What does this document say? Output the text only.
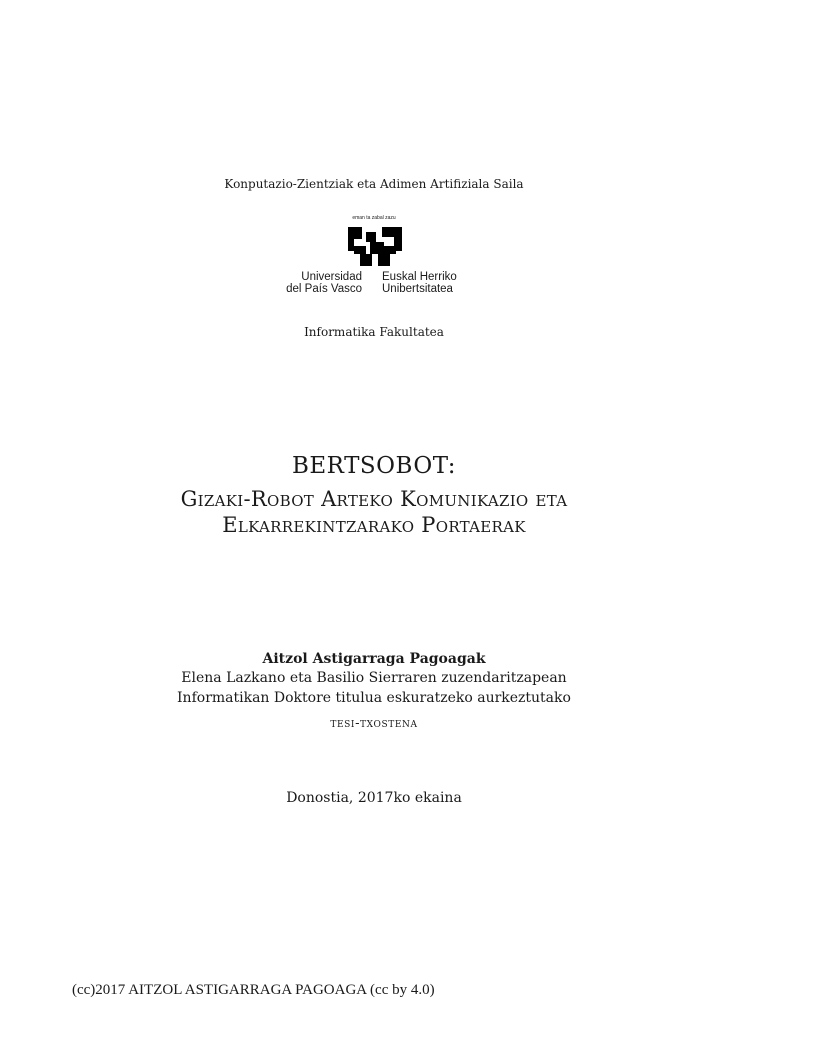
Konputazio-Zientziak eta Adimen Artifiziala Saila
eman ta zabal zazu
Universidad
del País Vasco
Euskal Herriko
Unibertsitatea
Informatika Fakultatea
BERTSOBOT:
Gizaki-Robot Arteko Komunikazio eta
Elkarrekintzarako Portaerak
Aitzol Astigarraga Pagoagak
Elena Lazkano eta Basilio Sierraren zuzendaritzapean
Informatikan Doktore titulua eskuratzeko aurkeztutako
tesi-txostena
Donostia, 2017ko ekaina
(cc)2017 AITZOL ASTIGARRAGA PAGOAGA (cc by 4.0)
